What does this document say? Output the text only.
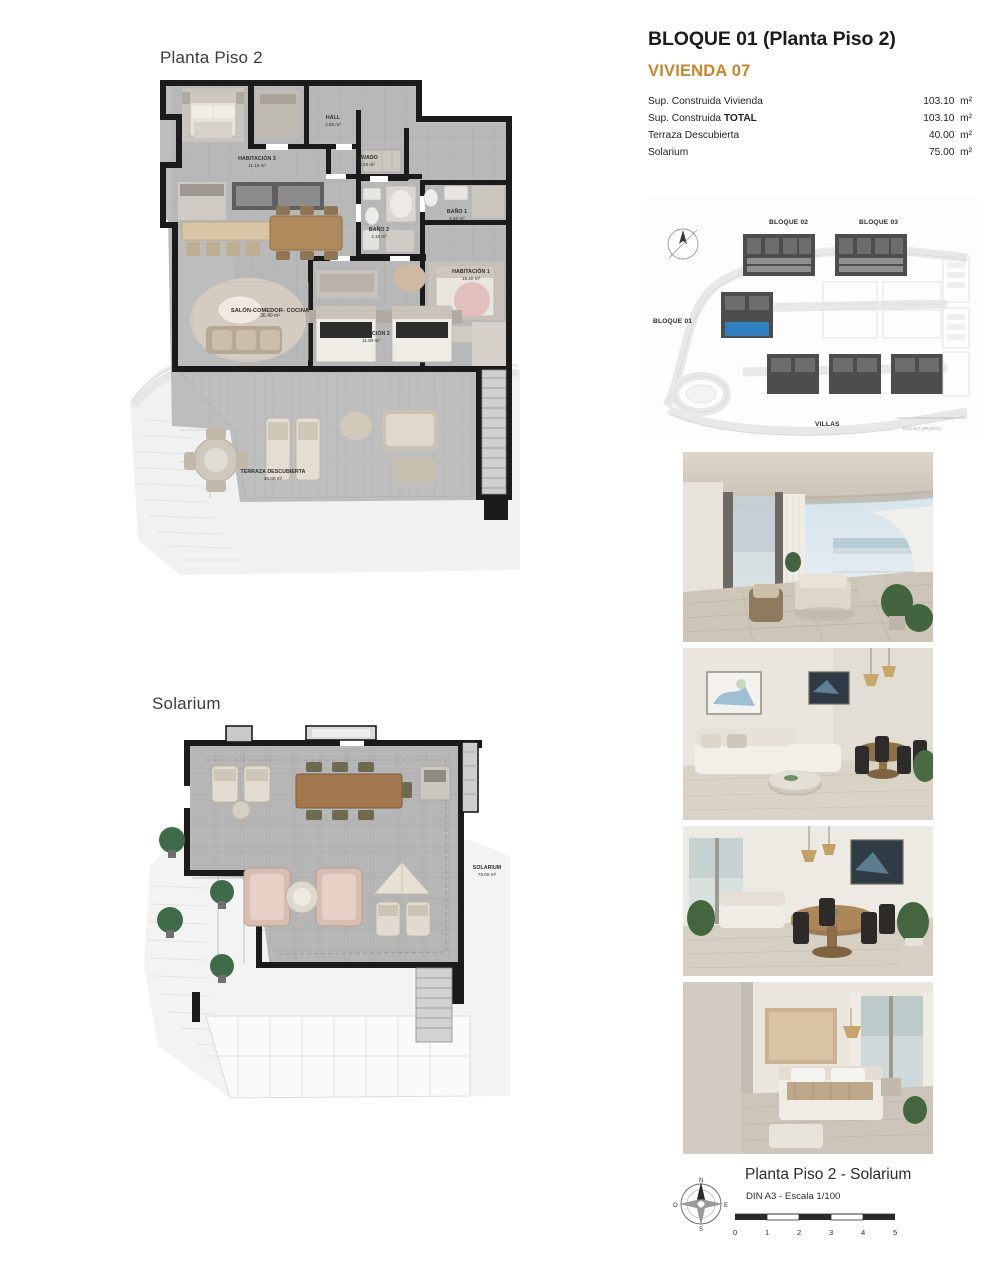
Planta Piso 2
HALL
2.80 m²
HABITACIÓN 3
11.10 m²
LAVADO
2.20 m²
BAÑO 1
4.50 m²
BAÑO 2
4.10 m²
HABITACIÓN 1
15.40 m²
SALÓN-COMEDOR- COCINA
36.40 m²
HABITACIÓN 2
11.90 m²
TERRAZA DESCUBIERTA
40.00 m²
Solarium
SOLARIUM
75.00 m²
BLOQUE 01 (Planta Piso 2)
VIVIENDA 07
Sup. Construida Vivienda	103.10 m²
Sup. Construida TOTAL	103.10 m²
Terraza Descubierta	40.00 m²
Solarium	75.00 m²
ESCALA GRAFICA
BLOQUE 02	BLOQUE 03
BLOQUE 01
VILLAS
Planta Piso 2 - Solarium
DIN A3 - Escala 1/100
N
S
O	E
0	1	2	3	4	5
